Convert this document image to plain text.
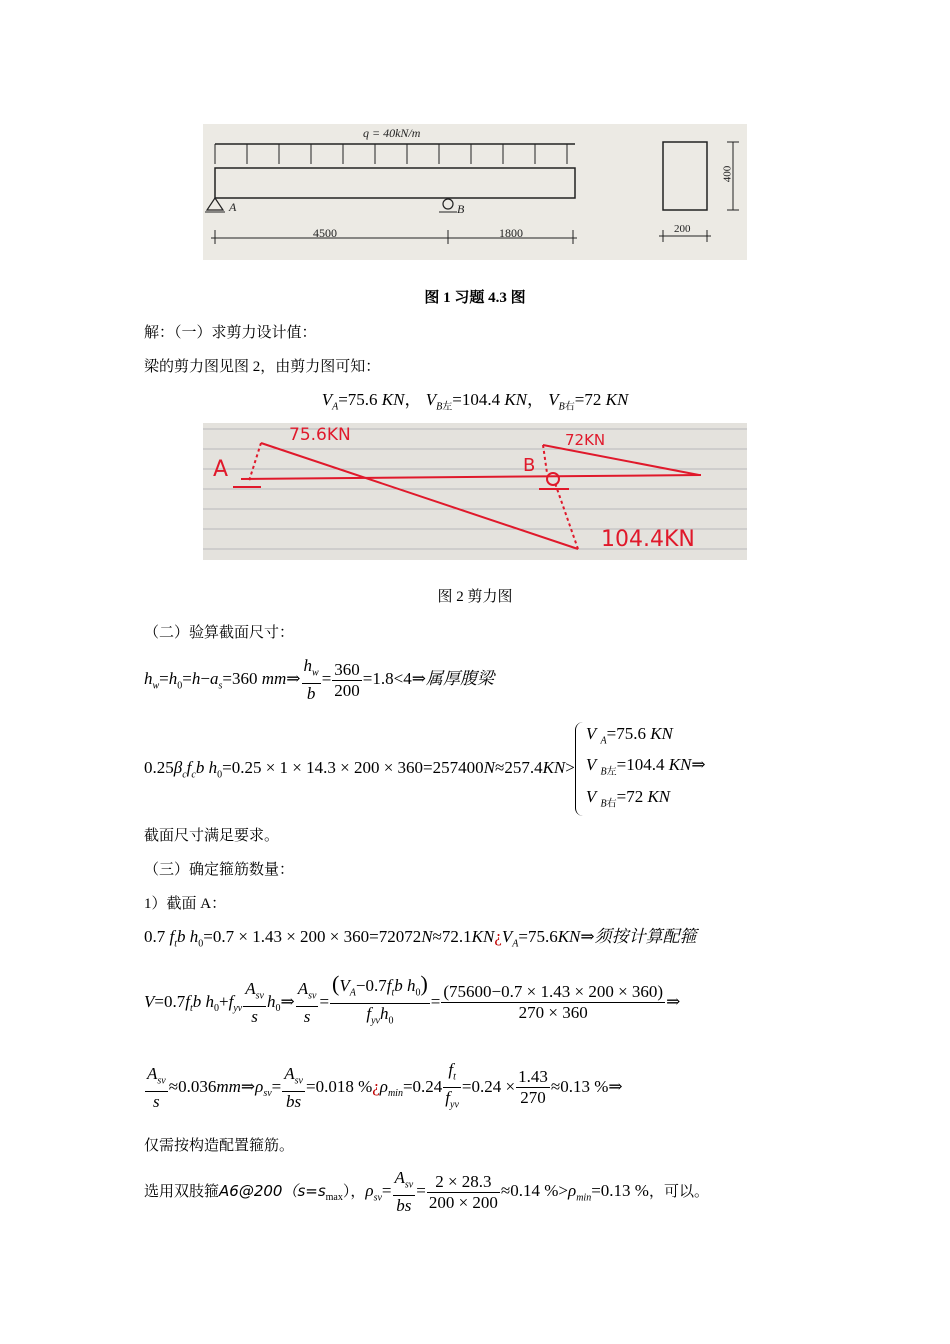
q = 40kN/m
A	B
4500	1800
400
200
图 1 习题 4.3 图
解：（一）求剪力设计值：
梁的剪力图见图 2，由剪力图可知：
$V_A=75.6$ KN， $V_{B左}=104.4$ KN， $V_{B右}=72$ KN
A	B
75.6KN	72KN
104.4KN
图 2 剪力图
（二）验算截面尺寸：
$h_w=h_0=h-a_s=360$ mm⇒ $\frac{h_w}{b} = \frac{360}{200}$ =1.8<4⇒属厚腹梁
$0.25\beta_cf_cb$ $h_0=0.25 \times 1 \times 14.3 \times 200 \times 360=257400N\approx 257.4KN>$
V $_A$=75.6 KN
V $_{B左}$=104.4 KN⇒
V $_{B右}$=72 KN
截面尺寸满足要求。
（三）确定箍筋数量：
1）截面 A：
0.7 $f_tb$ $h_0=0.7 \times 1.43 \times 200$ × $360=72072N\approx 72.1KN¿V_A=75.6KN\Rightarrow$须按计算配箍
$V=0.7f_tb$ $h_0+f_{yv} \frac{A_{sv}}{s}$ $h_0\Rightarrow \frac{A_{sv}}{s} = \frac{(V_A-0.7f_tb h_0)}{f_{yv}h_0} = \frac{(75600-0.7 \times 1.43 \times 200 \times 360)}{270 \times 360}$ ⇒
$\frac{A_{sv}}{s}$ $\approx 0.036mm\Rightarrow\rho_{sv}= \frac{A_{sv}}{bs} =0.018$ $\%¿\rho_{min}=0.24 \frac{f_t}{f_{yv}} =0.24 \times \frac{1.43}{270} \approx 0.13$ %⇒
仅需按构造配置箍筋。
选用双肢箍$A6@200(s=s_{max})$，$\rho_{sv}= \frac{A_{sv}}{bs} = \frac{2 \times 28.3}{200 \times 200} \approx 0.14$ $\%>\rho_{min}=0.13$ %，可以。
